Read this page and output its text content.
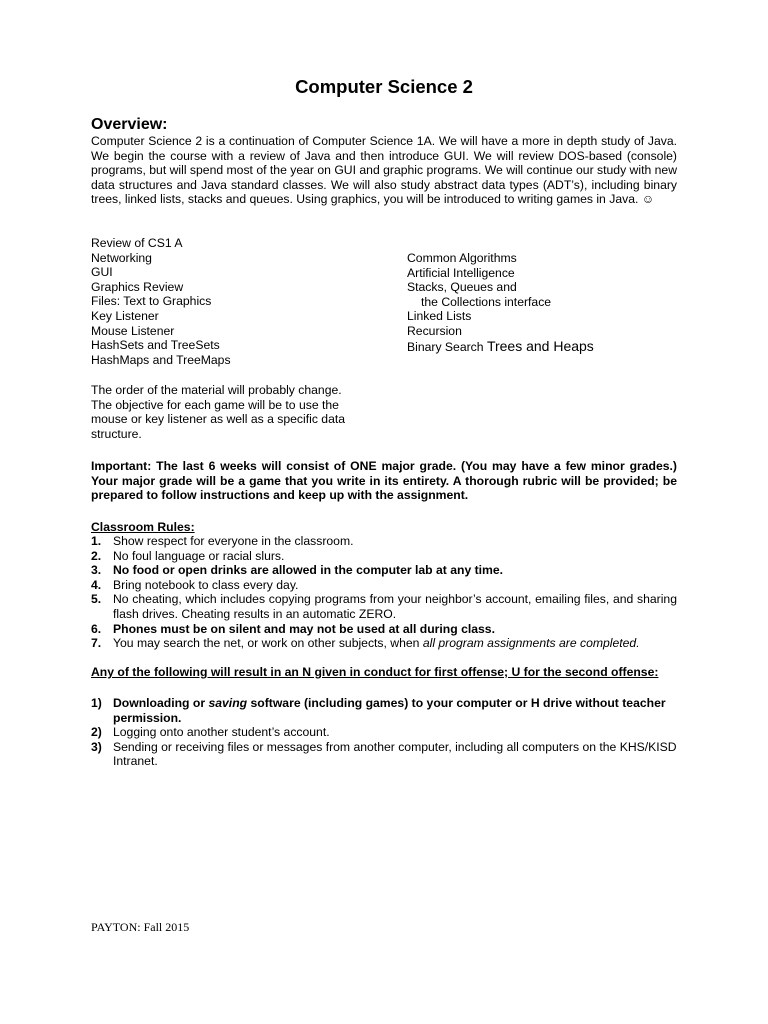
Computer Science 2
Overview:
Computer Science 2 is a continuation of Computer Science 1A. We will have a more in depth study of Java. We begin the course with a review of Java and then introduce GUI. We will review DOS-based (console) programs, but will spend most of the year on GUI and graphic programs. We will continue our study with new data structures and Java standard classes. We will also study abstract data types (ADT’s), including binary trees, linked lists, stacks and queues. Using graphics, you will be introduced to writing games in Java. ☺
Review of CS1 A
Networking
GUI
Graphics Review
Files: Text to Graphics
Key Listener
Mouse Listener
HashSets and TreeSets
HashMaps and TreeMaps
Common Algorithms
Artificial Intelligence
Stacks, Queues and
the Collections interface
Linked Lists
Recursion
Binary Search Trees and Heaps
The order of the material will probably change. The objective for each game will be to use the mouse or key listener as well as a specific data structure.
Important: The last 6 weeks will consist of ONE major grade. (You may have a few minor grades.) Your major grade will be a game that you write in its entirety. A thorough rubric will be provided; be prepared to follow instructions and keep up with the assignment.
Classroom Rules:
1. Show respect for everyone in the classroom.
2. No foul language or racial slurs.
3. No food or open drinks are allowed in the computer lab at any time.
4. Bring notebook to class every day.
5. No cheating, which includes copying programs from your neighbor’s account, emailing files, and sharing flash drives. Cheating results in an automatic ZERO.
6. Phones must be on silent and may not be used at all during class.
7. You may search the net, or work on other subjects, when all program assignments are completed.
Any of the following will result in an N given in conduct for first offense; U for the second offense:
1) Downloading or saving software (including games) to your computer or H drive without teacher permission.
2) Logging onto another student’s account.
3) Sending or receiving files or messages from another computer, including all computers on the KHS/KISD Intranet.
PAYTON: Fall 2015
